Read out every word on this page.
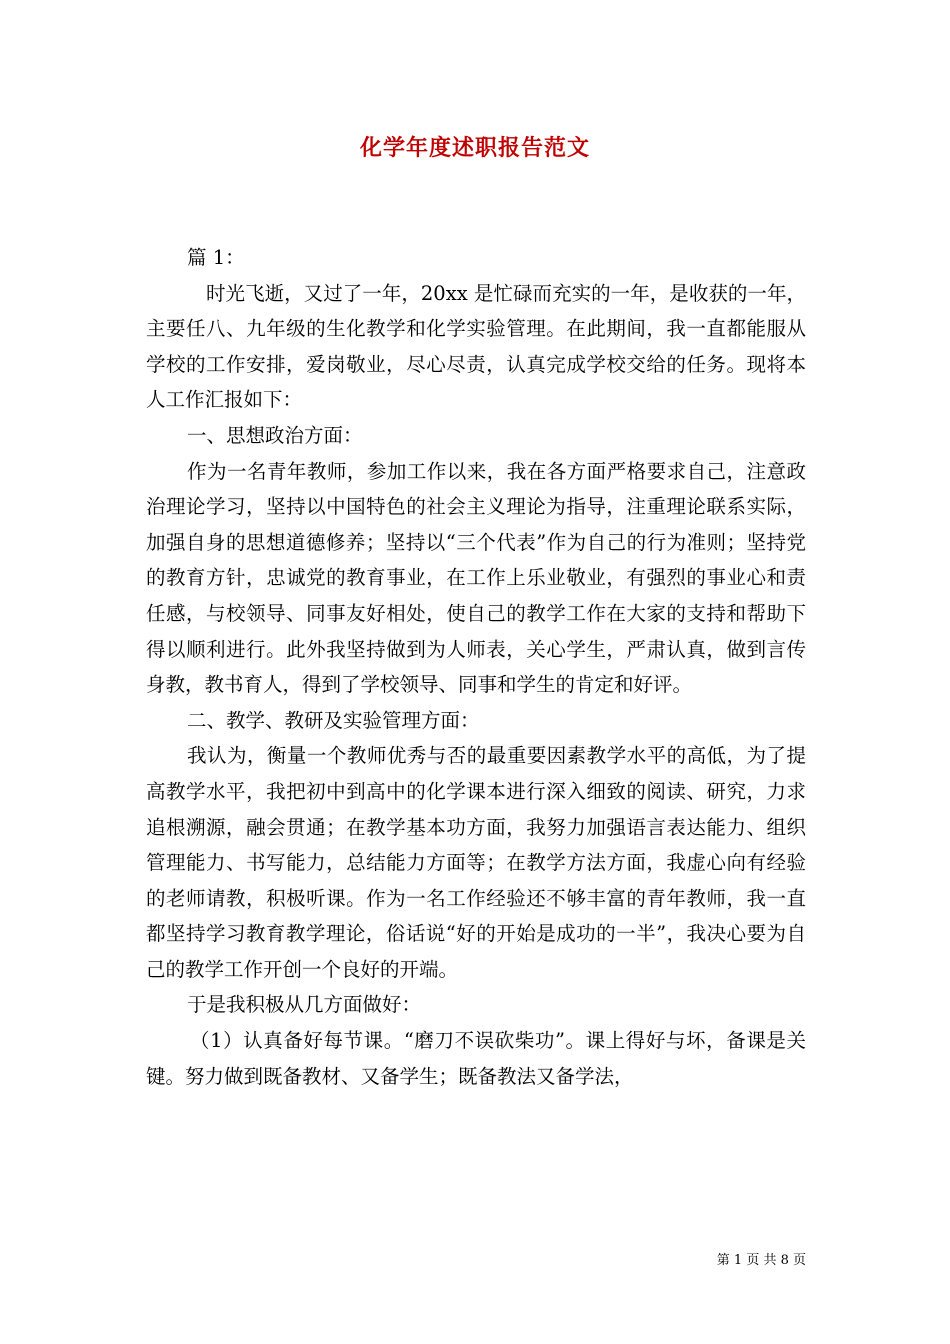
化学年度述职报告范文

篇 1：

时光飞逝，又过了一年，20xx 是忙碌而充实的一年，是收获的一年，主要任八、九年级的生化教学和化学实验管理。在此期间，我一直都能服从学校的工作安排，爱岗敬业，尽心尽责，认真完成学校交给的任务。现将本人工作汇报如下：

一、思想政治方面：

作为一名青年教师，参加工作以来，我在各方面严格要求自己，注意政治理论学习，坚持以中国特色的社会主义理论为指导，注重理论联系实际，加强自身的思想道德修养；坚持以“三个代表”作为自己的行为准则；坚持党的教育方针，忠诚党的教育事业，在工作上乐业敬业，有强烈的事业心和责任感，与校领导、同事友好相处，使自己的教学工作在大家的支持和帮助下得以顺利进行。此外我坚持做到为人师表，关心学生，严肃认真，做到言传身教，教书育人，得到了学校领导、同事和学生的肯定和好评。

二、教学、教研及实验管理方面：

我认为，衡量一个教师优秀与否的最重要因素教学水平的高低，为了提高教学水平，我把初中到高中的化学课本进行深入细致的阅读、研究，力求追根溯源，融会贯通；在教学基本功方面，我努力加强语言表达能力、组织管理能力、书写能力，总结能力方面等；在教学方法方面，我虚心向有经验的老师请教，积极听课。作为一名工作经验还不够丰富的青年教师，我一直都坚持学习教育教学理论，俗话说“好的开始是成功的一半”，我决心要为自己的教学工作开创一个良好的开端。

于是我积极从几方面做好：

（1）认真备好每节课。“磨刀不误砍柴功”。课上得好与坏，备课是关键。努力做到既备教材、又备学生；既备教法又备学法，

第 1 页 共 8 页
